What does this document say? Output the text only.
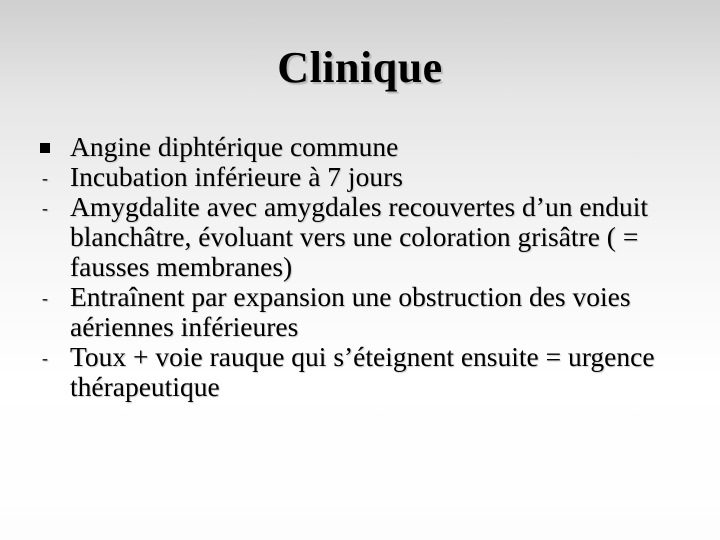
Clinique
Angine diphtérique commune
- Incubation inférieure à 7 jours
- Amygdalite avec amygdales recouvertes d’un enduit blanchâtre, évoluant vers une coloration grisâtre ( = fausses membranes)
- Entraînent par expansion une obstruction des voies aériennes inférieures
- Toux + voie rauque qui s’éteignent ensuite = urgence thérapeutique
